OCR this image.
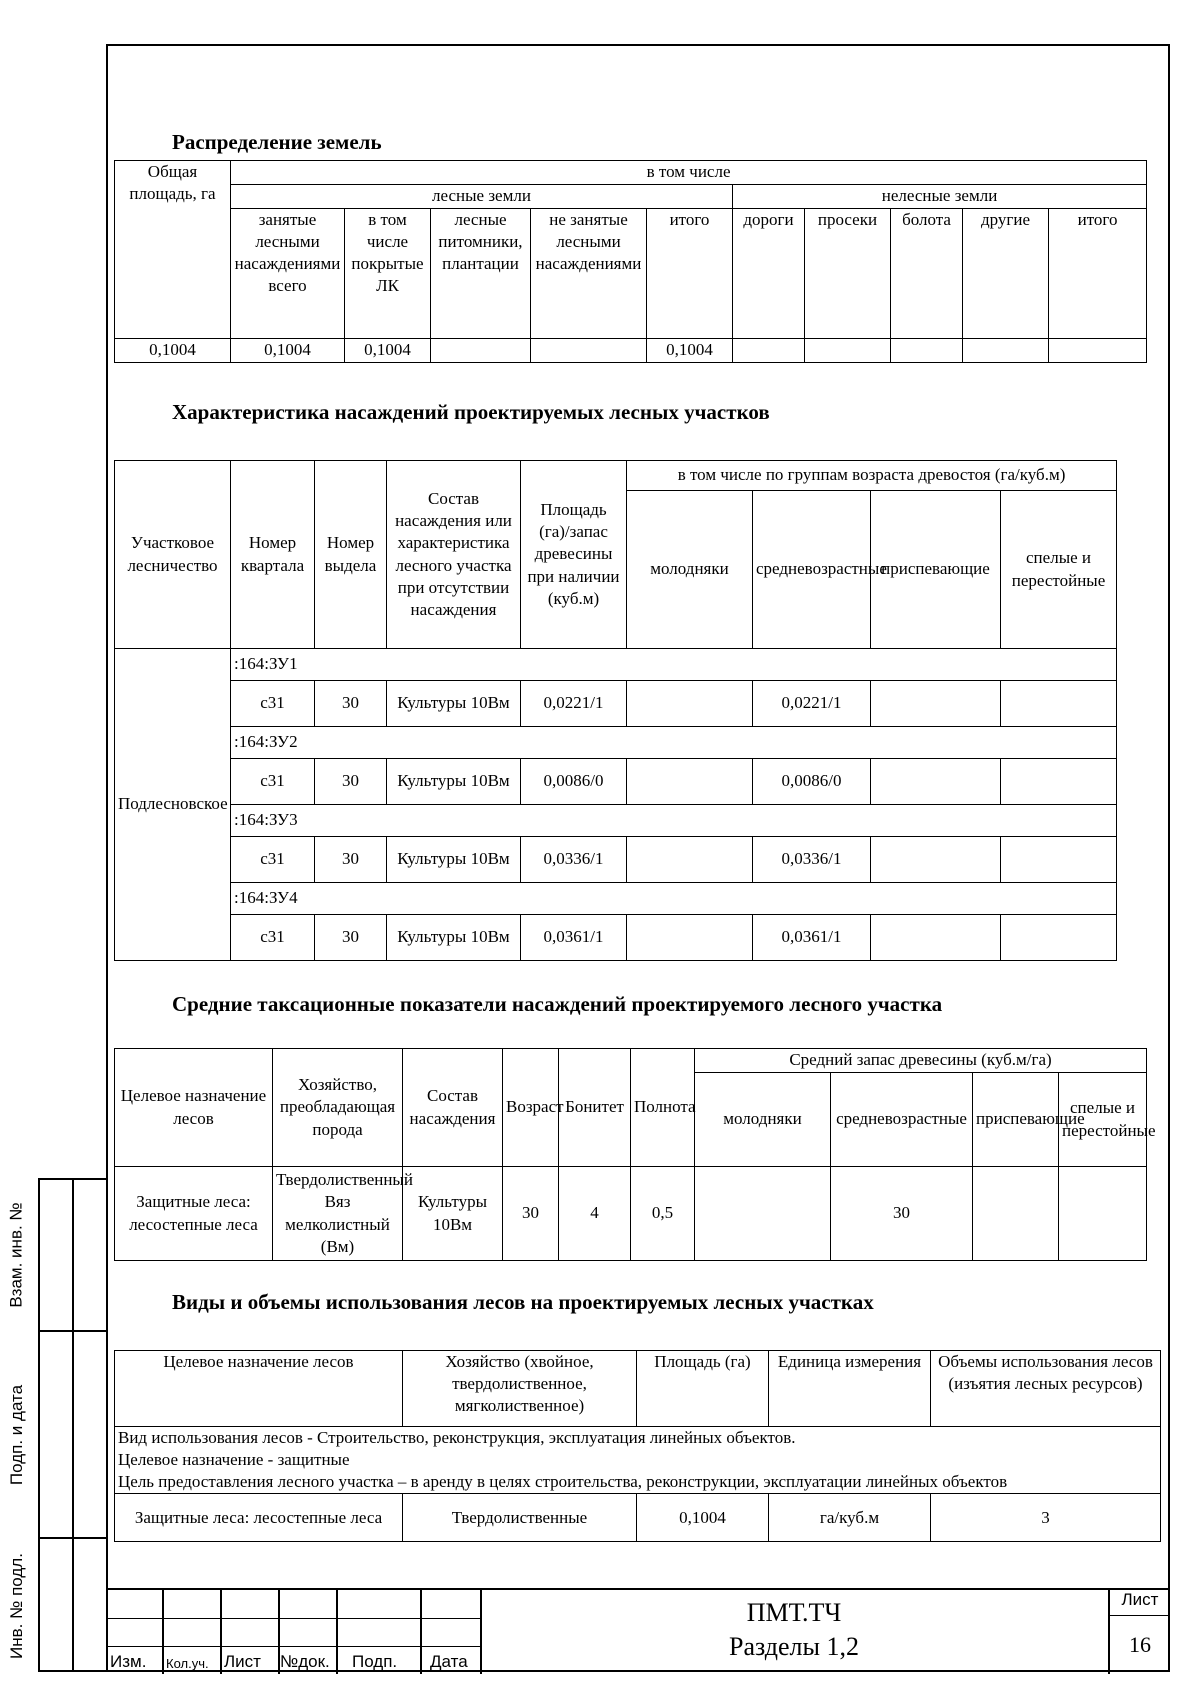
Взам. инв. №
Подп. и дата
Инв. № подл.
Распределение земель
Общая площадь, га	в том числе									
	лесные земли					нелесные земли				
	занятые лесными насаждениями всего	в том числе покрытые ЛК	лесные питомники, плантации	не занятые лесными насаждениями	итого	дороги	просеки	болота	другие	итого
0,1004	0,1004	0,1004			0,1004					
Характеристика насаждений проектируемых лесных участков
Участковое лесничество	Номер квартала	Номер выдела	Состав насаждения или характеристика лесного участка при отсутствии насаждения	Площадь (га)/запас древесины при наличии (куб.м)	в том числе по группам возраста древостоя (га/куб.м)			
					молодняки	средневозрастные	приспевающие	спелые и перестойные
Подлесновское	:164:ЗУ1							
	с31	30	Культуры 10Вм	0,0221/1		0,0221/1		
	:164:ЗУ2							
	с31	30	Культуры 10Вм	0,0086/0		0,0086/0		
	:164:ЗУ3							
	с31	30	Культуры 10Вм	0,0336/1		0,0336/1		
	:164:ЗУ4							
	с31	30	Культуры 10Вм	0,0361/1		0,0361/1		
Средние таксационные показатели насаждений проектируемого лесного участка
Целевое назначение лесов	Хозяйство, преобладающая порода	Состав насаждения	Возраст	Бонитет	Полнота	Средний запас древесины (куб.м/га)			
						молодняки	средневозрастные	приспевающие	спелые и перестойные
Защитные леса: лесостепные леса	Твердолиственный Вяз мелколистный (Вм)	Культуры 10Вм	30	4	0,5		30		
Виды и объемы использования лесов на проектируемых лесных участках
Целевое назначение лесов	Хозяйство (хвойное, твердолиственное, мягколиственное)	Площадь (га)	Единица измерения	Объемы использования лесов (изъятия лесных ресурсов)

Вид использования лесов - Строительство, реконструкция, эксплуатация линейных объектов.
Целевое назначение - защитные
Цель предоставления лесного участка – в аренду в целях строительства, реконструкции, эксплуатации линейных объектов				

Защитные леса: лесостепные леса	Твердолиственные	0,1004	га/куб.м	3
Изм. Кол.уч. Лист №док. Подп. Дата
ПМТ.ТЧ
Разделы 1,2
Лист
16
